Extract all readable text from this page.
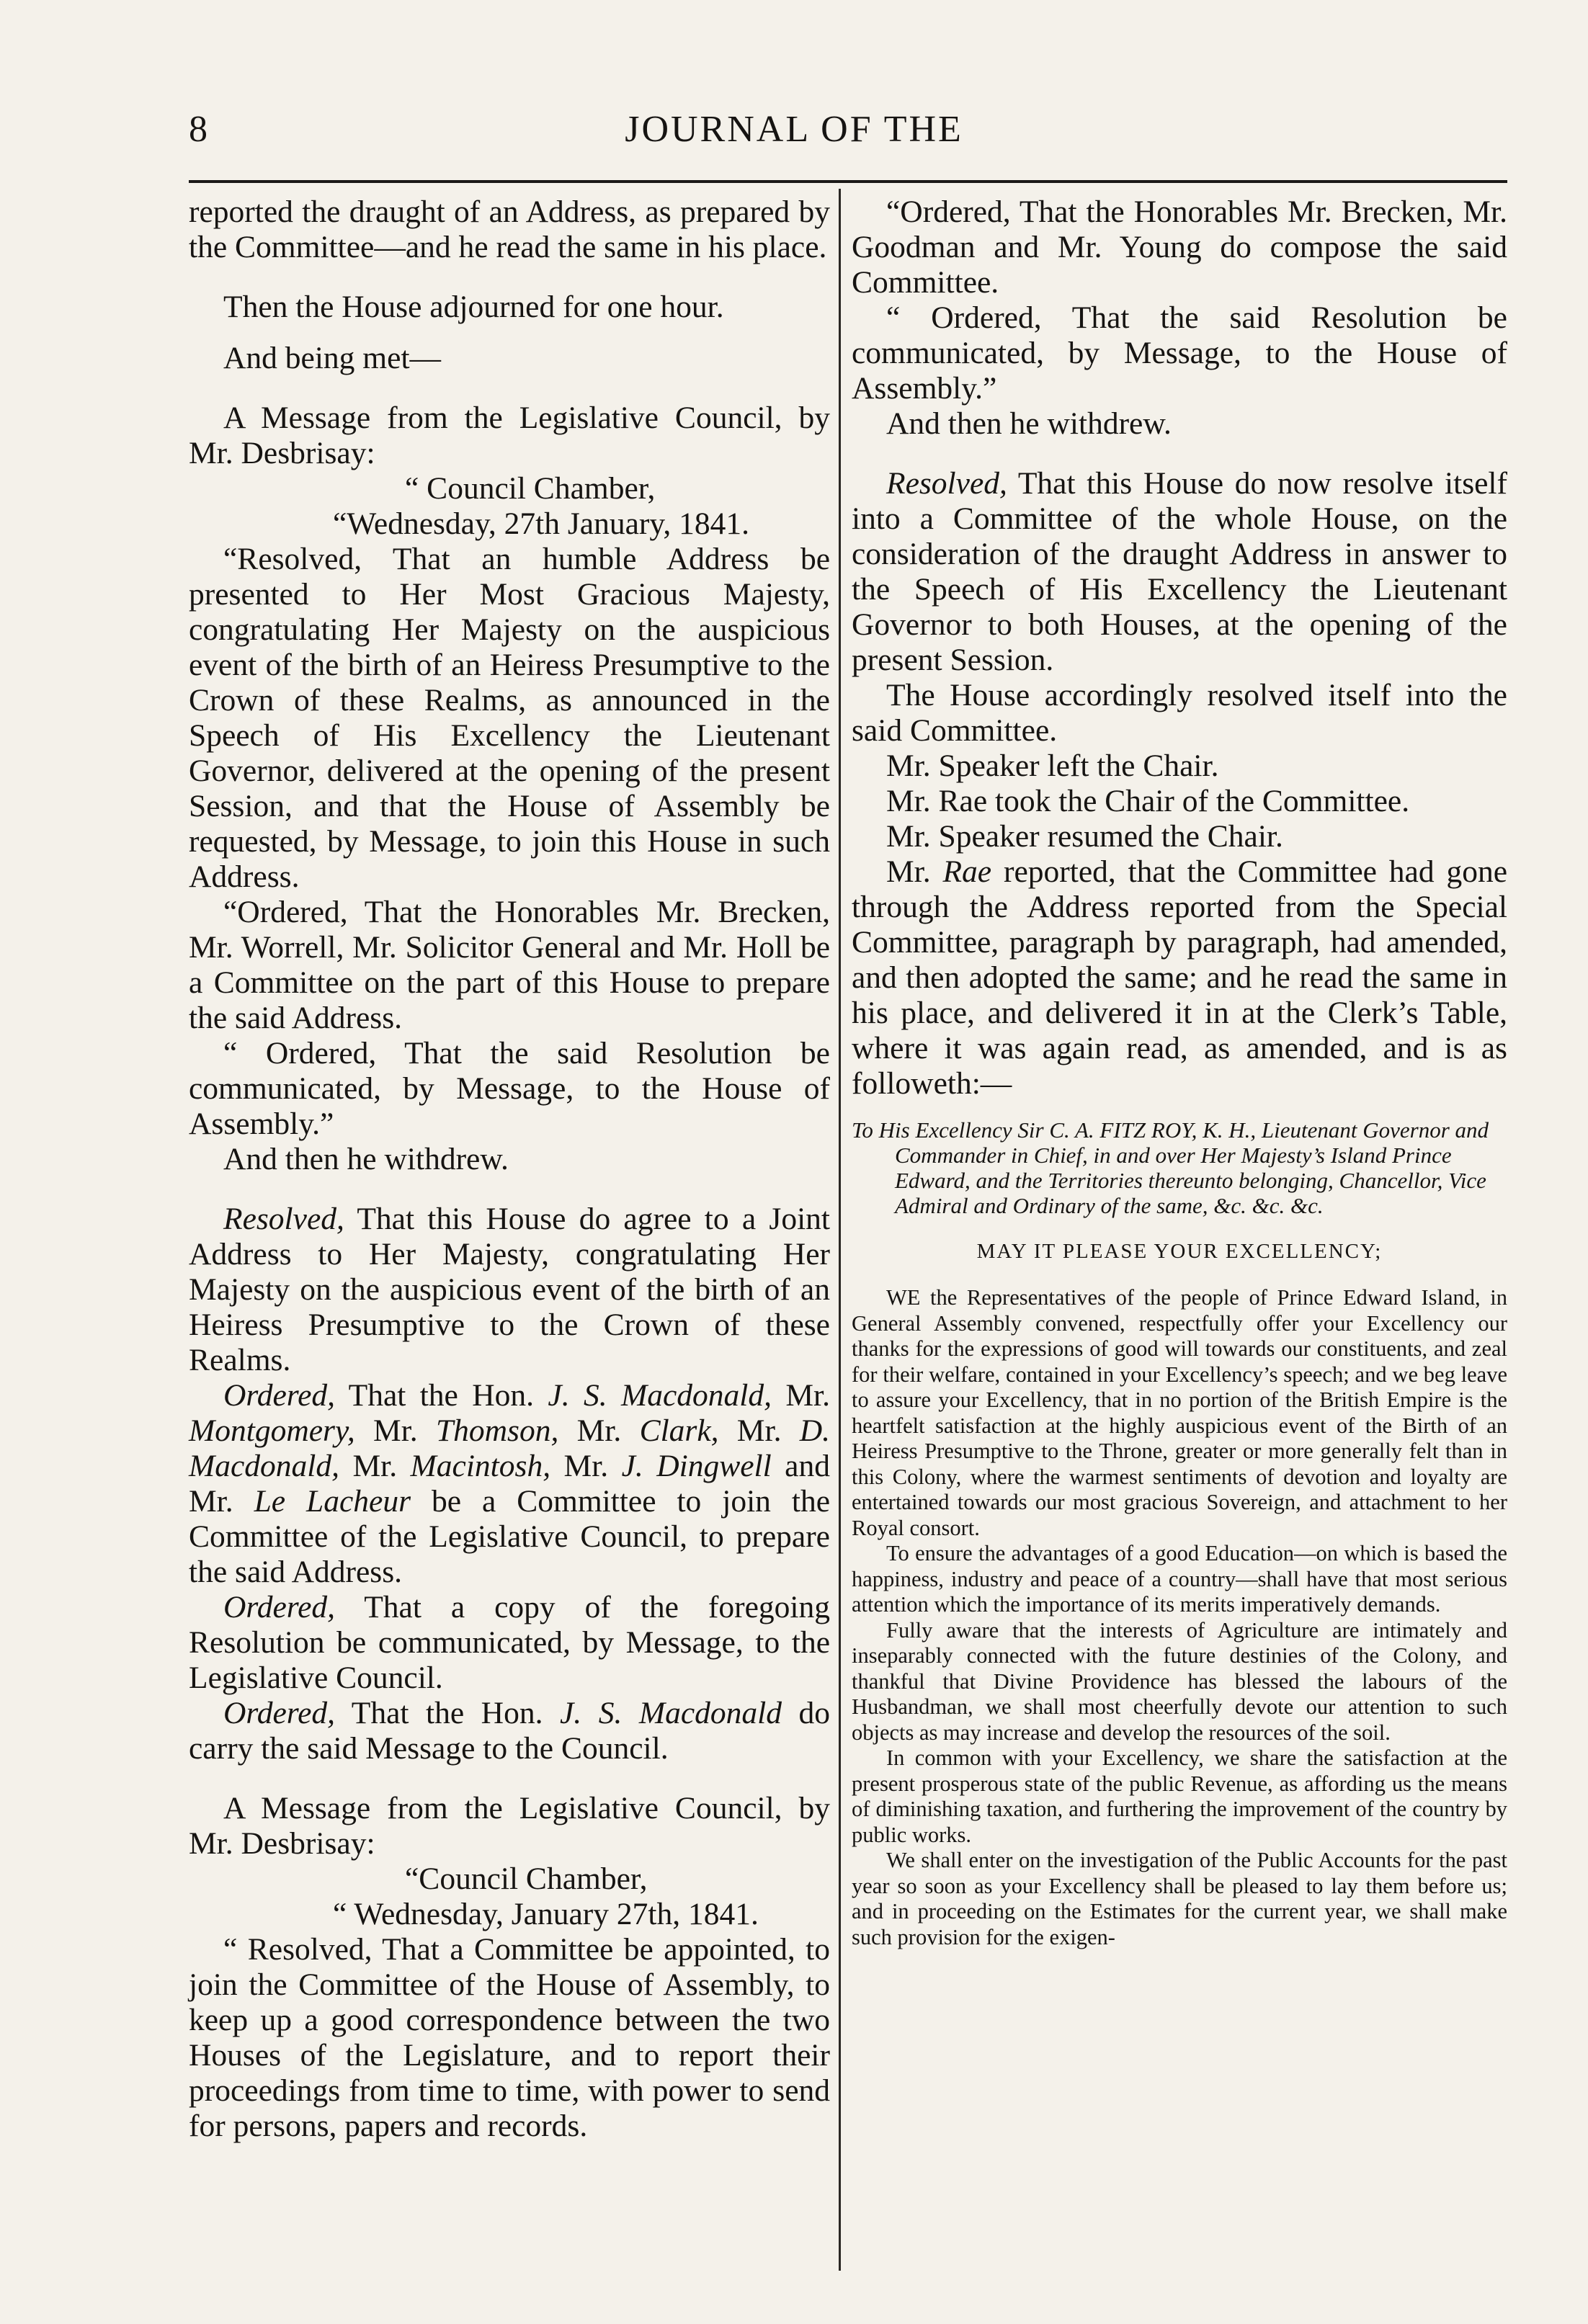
8	JOURNAL OF THE

reported the draught of an Address, as prepared by the Committee—and he read the same in his place.

Then the House adjourned for one hour.

And being met—

A Message from the Legislative Council, by Mr. Desbrisay:

“ Council Chamber,

“Wednesday, 27th January, 1841.

“Resolved, That an humble Address be presented to Her Most Gracious Majesty, congratulating Her Majesty on the auspicious event of the birth of an Heiress Presumptive to the Crown of these Realms, as announced in the Speech of His Excellency the Lieutenant Governor, delivered at the opening of the present Session, and that the House of Assembly be requested, by Message, to join this House in such Address.

“Ordered, That the Honorables Mr. Brecken, Mr. Worrell, Mr. Solicitor General and Mr. Holl be a Committee on the part of this House to prepare the said Address.

“ Ordered, That the said Resolution be communicated, by Message, to the House of Assembly.”

And then he withdrew.

Resolved, That this House do agree to a Joint Address to Her Majesty, congratulating Her Majesty on the auspicious event of the birth of an Heiress Presumptive to the Crown of these Realms.

Ordered, That the Hon. J. S. Macdonald, Mr. Montgomery, Mr. Thomson, Mr. Clark, Mr. D. Macdonald, Mr. Macintosh, Mr. J. Dingwell and Mr. Le Lacheur be a Committee to join the Committee of the Legislative Council, to prepare the said Address.

Ordered, That a copy of the foregoing Resolution be communicated, by Message, to the Legislative Council.

Ordered, That the Hon. J. S. Macdonald do carry the said Message to the Council.

A Message from the Legislative Council, by Mr. Desbrisay:

“Council Chamber,

“ Wednesday, January 27th, 1841.

“ Resolved, That a Committee be appointed, to join the Committee of the House of Assembly, to keep up a good correspondence between the two Houses of the Legislature, and to report their proceedings from time to time, with power to send for persons, papers and records.

“Ordered, That the Honorables Mr. Brecken, Mr. Goodman and Mr. Young do compose the said Committee.

“ Ordered, That the said Resolution be communicated, by Message, to the House of Assembly.”

And then he withdrew.

Resolved, That this House do now resolve itself into a Committee of the whole House, on the consideration of the draught Address in answer to the Speech of His Excellency the Lieutenant Governor to both Houses, at the opening of the present Session.

The House accordingly resolved itself into the said Committee.

Mr. Speaker left the Chair.

Mr. Rae took the Chair of the Committee.

Mr. Speaker resumed the Chair.

Mr. Rae reported, that the Committee had gone through the Address reported from the Special Committee, paragraph by paragraph, had amended, and then adopted the same; and he read the same in his place, and delivered it in at the Clerk’s Table, where it was again read, as amended, and is as followeth:—

To His Excellency Sir C. A. FITZ ROY, K. H., Lieutenant Governor and Commander in Chief, in and over Her Majesty’s Island Prince Edward, and the Territories thereunto belonging, Chancellor, Vice Admiral and Ordinary of the same, &c. &c. &c.

MAY IT PLEASE YOUR EXCELLENCY;

WE the Representatives of the people of Prince Edward Island, in General Assembly convened, respectfully offer your Excellency our thanks for the expressions of good will towards our constituents, and zeal for their welfare, contained in your Excellency’s speech; and we beg leave to assure your Excellency, that in no portion of the British Empire is the heartfelt satisfaction at the highly auspicious event of the Birth of an Heiress Presumptive to the Throne, greater or more generally felt than in this Colony, where the warmest sentiments of devotion and loyalty are entertained towards our most gracious Sovereign, and attachment to her Royal consort.

To ensure the advantages of a good Education—on which is based the happiness, industry and peace of a country—shall have that most serious attention which the importance of its merits imperatively demands.

Fully aware that the interests of Agriculture are intimately and inseparably connected with the future destinies of the Colony, and thankful that Divine Providence has blessed the labours of the Husbandman, we shall most cheerfully devote our attention to such objects as may increase and develop the resources of the soil.

In common with your Excellency, we share the satisfaction at the present prosperous state of the public Revenue, as affording us the means of diminishing taxation, and furthering the improvement of the country by public works.

We shall enter on the investigation of the Public Accounts for the past year so soon as your Excellency shall be pleased to lay them before us; and in proceeding on the Estimates for the current year, we shall make such provision for the exigen-
